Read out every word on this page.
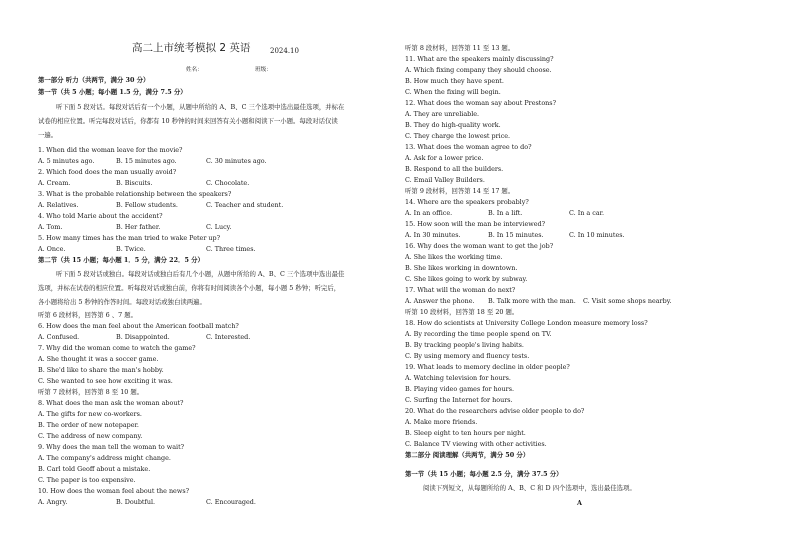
高二上市统考模拟 2 英语	2024.10
姓名：	班级：
第一部分 听力（共两节，满分 30 分）
第一节（共 5 小题；每小题 1.5 分，满分 7.5 分）
听下面 5 段对话。每段对话后有一个小题，从题中所给的 A、B、C 三个选项中选出最佳选项，并标在
试卷的相应位置。听完每段对话后，你都有 10 秒钟的时间来回答有关小题和阅读下一小题。每段对话仅读
一遍。
1. When did the woman leave for the movie?
A. 5 minutes ago.	B. 15 minutes ago.	C. 30 minutes ago.
2. Which food does the man usually avoid?
A. Cream.	B. Biscuits.	C. Chocolate.
3. What is the probable relationship between the speakers?
A. Relatives.	B. Fellow students.	C. Teacher and student.
4. Who told Marie about the accident?
A. Tom.	B. Her father.	C. Lucy.
5. How many times has the man tried to wake Peter up?
A. Once.	B. Twice.	C. Three times.
第二节（共 15 小题；每小题 1．5 分，满分 22．5 分）
听下面 5 段对话或独白。每段对话或独白后有几个小题，从题中所给的 A、B、C 三个选项中选出最佳
选项，并标在试卷的相应位置。听每段对话或独白前，你将有时间阅读各个小题，每小题 5 秒钟；听完后，
各小题将给出 5 秒钟的作答时间。每段对话或独白读两遍。
听第 6 段材料，回答第 6 、7 题。
6. How does the man feel about the American football match?
A. Confused.	B. Disappointed.	C. Interested.
7. Why did the woman come to watch the game?
A. She thought it was a soccer game.
B. She'd like to share the man's hobby.
C. She wanted to see how exciting it was.
听第 7 段材料，回答第 8 至 10 题。
8. What does the man ask the woman about?
A. The gifts for new co-workers.
B. The order of new notepaper.
C. The address of new company.
9. Why does the man tell the woman to wait?
A. The company's address might change.
B. Carl told Geoff about a mistake.
C. The paper is too expensive.
10. How does the woman feel about the news?
A. Angry.	B. Doubtful.	C. Encouraged.
听第 8 段材料，回答第 11 至 13 题。
11. What are the speakers mainly discussing?
A. Which fixing company they should choose.
B. How much they have spent.
C. When the fixing will begin.
12. What does the woman say about Prestons?
A. They are unreliable.
B. They do high-quality work.
C. They charge the lowest price.
13. What does the woman agree to do?
A. Ask for a lower price.
B. Respond to all the builders.
C. Email Valley Builders.
听第 9 段材料，回答第 14 至 17 题。
14. Where are the speakers probably?
A. In an office.	B. In a lift.	C. In a car.
15. How soon will the man be interviewed?
A. In 30 minutes.	B. In 15 minutes.	C. In 10 minutes.
16. Why does the woman want to get the job?
A. She likes the working time.
B. She likes working in downtown.
C. She likes going to work by subway.
17. What will the woman do next?
A. Answer the phone. B. Talk more with the man. C. Visit some shops nearby.
听第 10 段材料，回答第 18 至 20 题。
18. How do scientists at University College London measure memory loss?
A. By recording the time people spend on TV.
B. By tracking people's living habits.
C. By using memory and fluency tests.
19. What leads to memory decline in older people?
A. Watching television for hours.
B. Playing video games for hours.
C. Surfing the Internet for hours.
20. What do the researchers advise older people to do?
A. Make more friends.
B. Sleep eight to ten hours per night.
C. Balance TV viewing with other activities.
第二部分 阅读理解（共两节，满分 50 分）
第一节（共 15 小题；每小题 2.5 分，满分 37.5 分）
阅读下列短文，从每题所给的 A、B、C 和 D 四个选项中，选出最佳选项。
A
